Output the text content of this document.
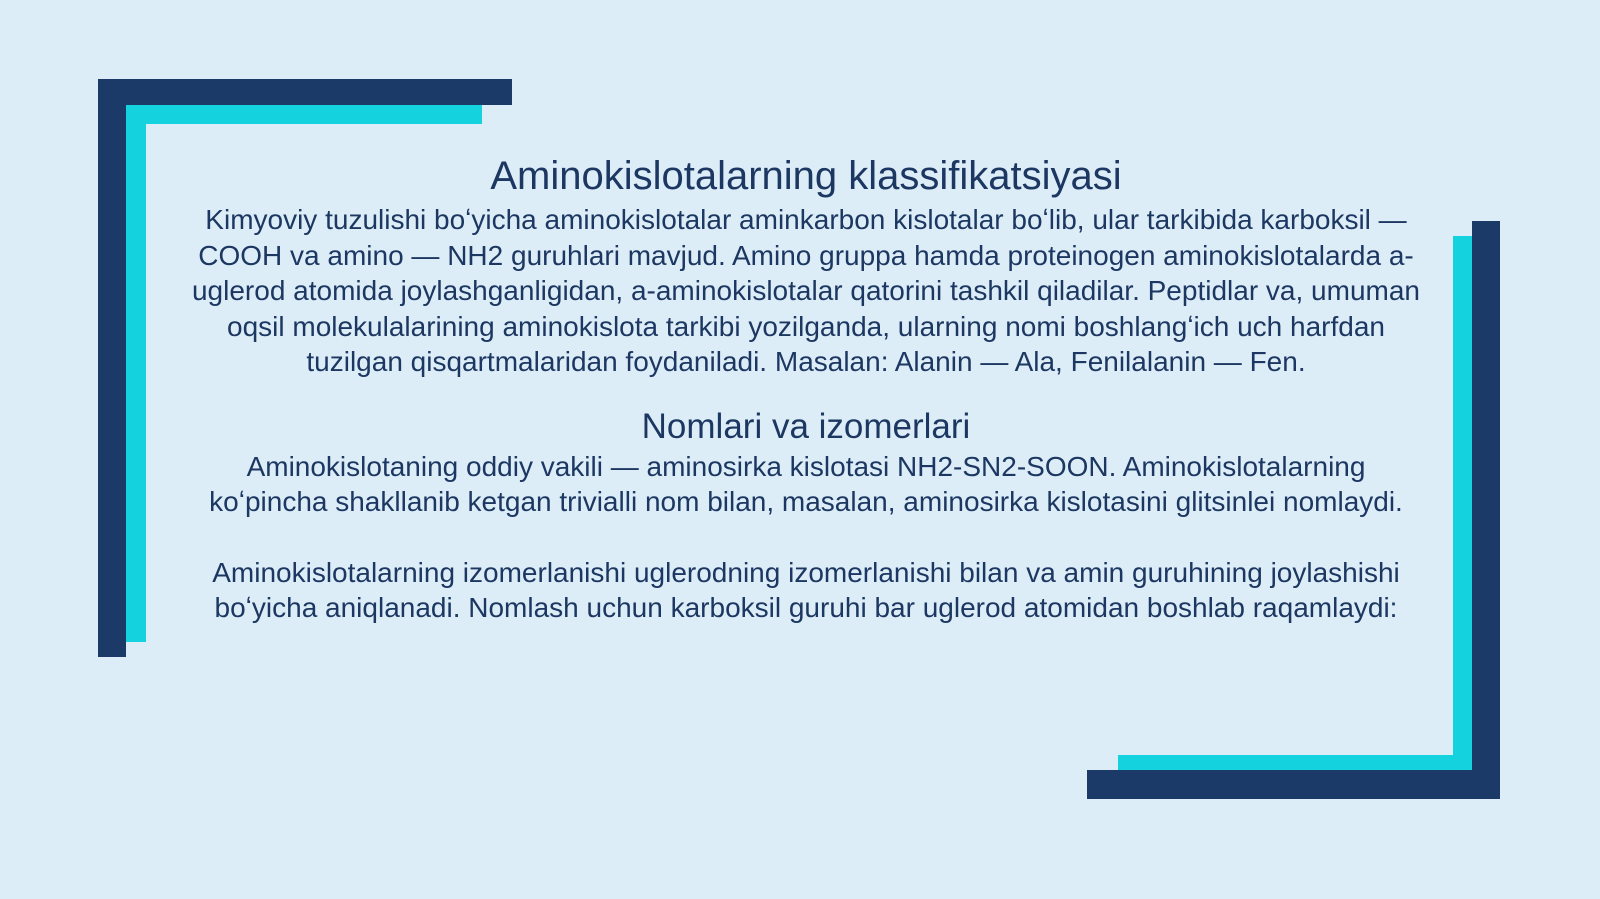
Aminokislotalarning klassifikatsiyasi

Kimyoviy tuzulishi boʻyicha aminokislotalar aminkarbon kislotalar boʻlib, ular tarkibida karboksil — COOH va amino — NH2 guruhlari mavjud. Amino gruppa hamda proteinogen aminokislotalarda a-uglerod atomida joylashganligidan, a-aminokislotalar qatorini tashkil qiladilar. Peptidlar va, umuman oqsil molekulalarining aminokislota tarkibi yozilganda, ularning nomi boshlangʻich uch harfdan tuzilgan qisqartmalaridan foydaniladi. Masalan: Alanin — Ala, Fenilalanin — Fen.

Nomlari va izomerlari

Aminokislotaning oddiy vakili — aminosirka kislotasi NH2-SN2-SOON. Aminokislotalarning koʻpincha shakllanib ketgan trivialli nom bilan, masalan, aminosirka kislotasini glitsinlei nomlaydi.

Aminokislotalarning izomerlanishi uglerodning izomerlanishi bilan va amin guruhining joylashishi boʻyicha aniqlanadi. Nomlash uchun karboksil guruhi bar uglerod atomidan boshlab raqamlaydi:
